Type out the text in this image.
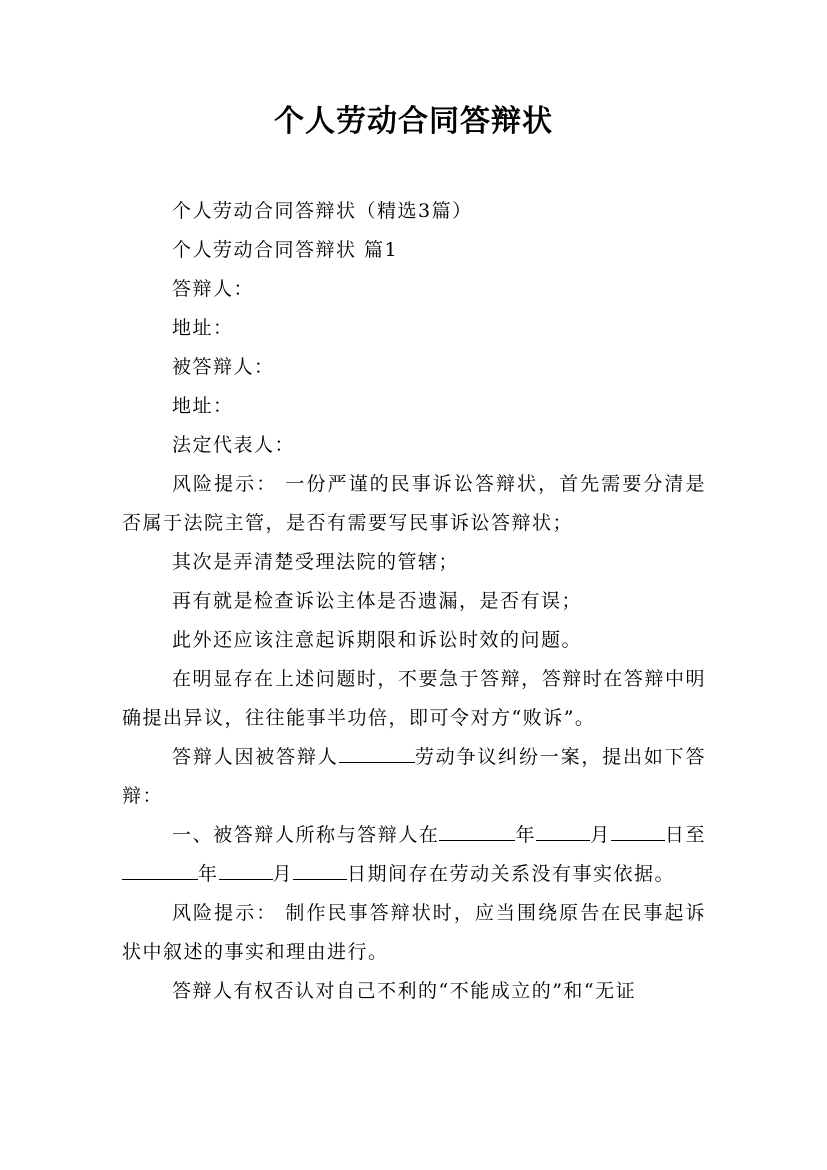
个人劳动合同答辩状

个人劳动合同答辩状（精选3篇）

个人劳动合同答辩状 篇1

答辩人：

地址：

被答辩人：

地址：

法定代表人：

风险提示： 一份严谨的民事诉讼答辩状，首先需要分清是否属于法院主管，是否有需要写民事诉讼答辩状；

其次是弄清楚受理法院的管辖；

再有就是检查诉讼主体是否遗漏，是否有误；

此外还应该注意起诉期限和诉讼时效的问题。

在明显存在上述问题时，不要急于答辩，答辩时在答辩中明确提出异议，往往能事半功倍，即可令对方“败诉”。

答辩人因被答辩人	劳动争议纠纷一案，提出如下答辩：

一、被答辩人所称与答辩人在	年	月	日至年	月	日期间存在劳动关系没有事实依据。

风险提示： 制作民事答辩状时，应当围绕原告在民事起诉状中叙述的事实和理由进行。

答辩人有权否认对自己不利的“不能成立的”和“无证
